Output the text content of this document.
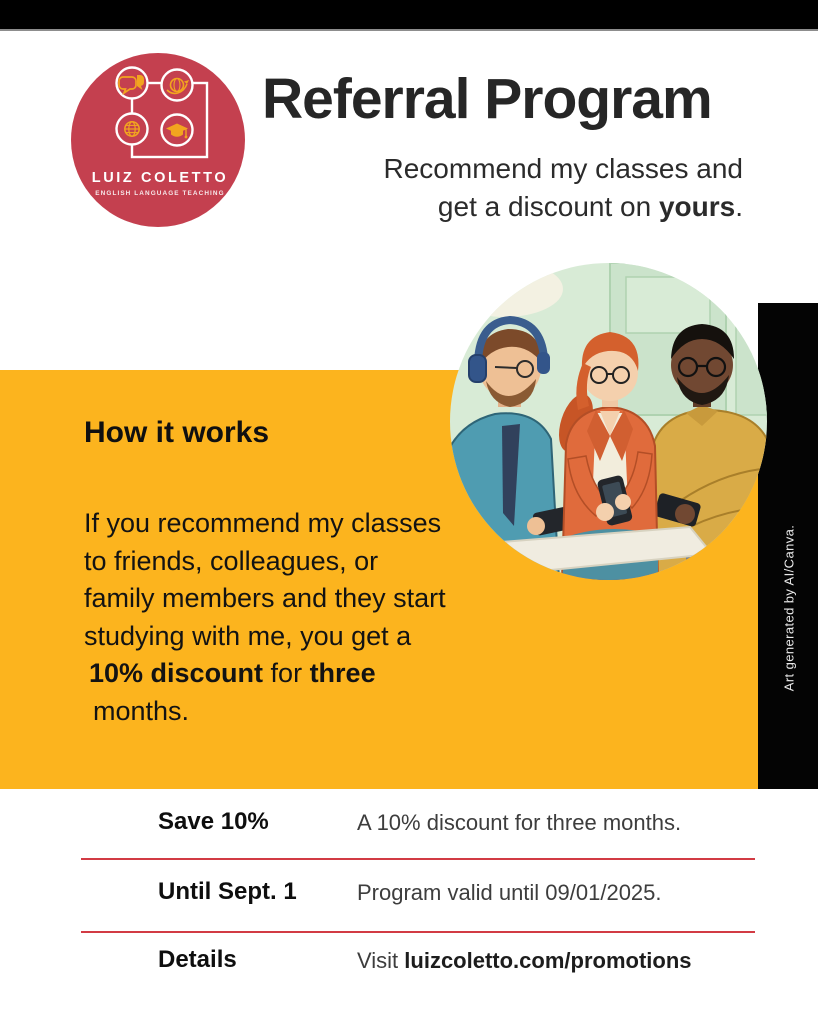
LUIZ COLETTO
ENGLISH LANGUAGE TEACHING
Referral Program
Recommend my classes and
get a discount on yours.
Art generated by AI/Canva.
How it works
If you recommend my classes
to friends, colleagues, or
family members and they start
studying with me, you get a
10% discount for three
months.
Save 10%	A 10% discount for three months.
Until Sept. 1	Program valid until 09/01/2025.
Details	Visit luizcoletto.com/promotions
